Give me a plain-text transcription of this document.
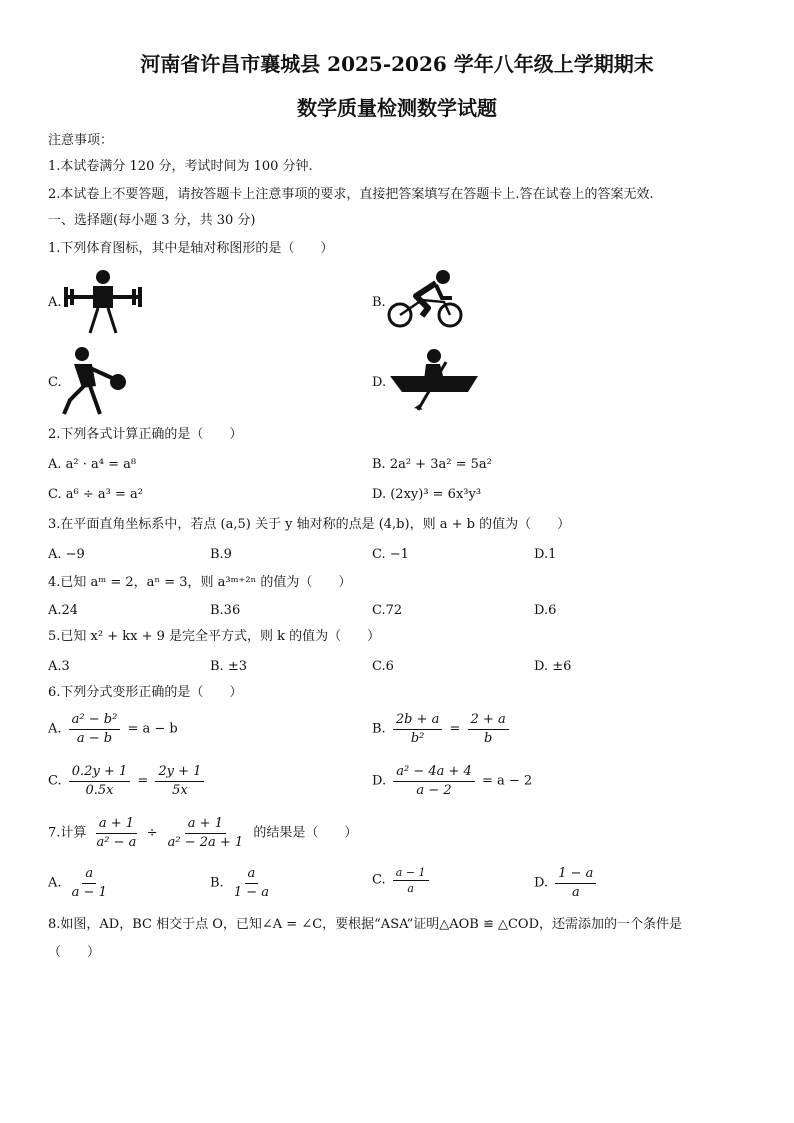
河南省许昌市襄城县 2025-2026 学年八年级上学期期末
数学质量检测数学试题
注意事项：
1.本试卷满分 120 分，考试时间为 100 分钟.
2.本试卷上不要答题，请按答题卡上注意事项的要求，直接把答案填写在答题卡上.答在试卷上的答案无效.
一、选择题(每小题 3 分，共 30 分)
1.下列体育图标，其中是轴对称图形的是（　　）
A.	B.
C.	D.
2.下列各式计算正确的是（　　）
A. a² · a⁴ = a⁸	B. 2a² + 3a² = 5a²
C. a⁶ ÷ a³ = a²	D. (2xy)³ = 6x³y³
3.在平面直角坐标系中，若点 (a,5) 关于 y 轴对称的点是 (4,b)，则 a + b 的值为（　　）
A. −9	B.9	C. −1	D.1
4.已知 aᵐ = 2，aⁿ = 3，则 a³ᵐ⁺²ⁿ 的值为（　　）
A.24	B.36	C.72	D.6
5.已知 x² + kx + 9 是完全平方式，则 k 的值为（　　）
A.3	B. ±3	C.6	D. ±6
6.下列分式变形正确的是（　　）
A. $\frac{\text{a² − b²}}{a - b} = a - b$	B. $\frac{2b + a}{\text{b²}} = \frac{2 + a}{b}$
C. $\frac{0.2y + 1}{0.5x} = \frac{2y + 1}{5x}$	D. $\frac{\text{a² − 4a + 4}}{a - 2} = a - 2$
7.计算 $\frac{a + 1}{\text{a² − a}} \div \frac{a + 1}{\text{a² − 2a + 1}}$ 的结果是（　　）
A. $\frac{a}{a - 1}$	B. $\frac{a}{1 - a}$	C. $\frac{a - 1}{a}$	D. $\frac{1 - a}{a}$
8.如图，AD，BC 相交于点 O，已知∠A = ∠C，要根据“ASA”证明△AOB ≌ △COD，还需添加的一个条件是
（　　）
